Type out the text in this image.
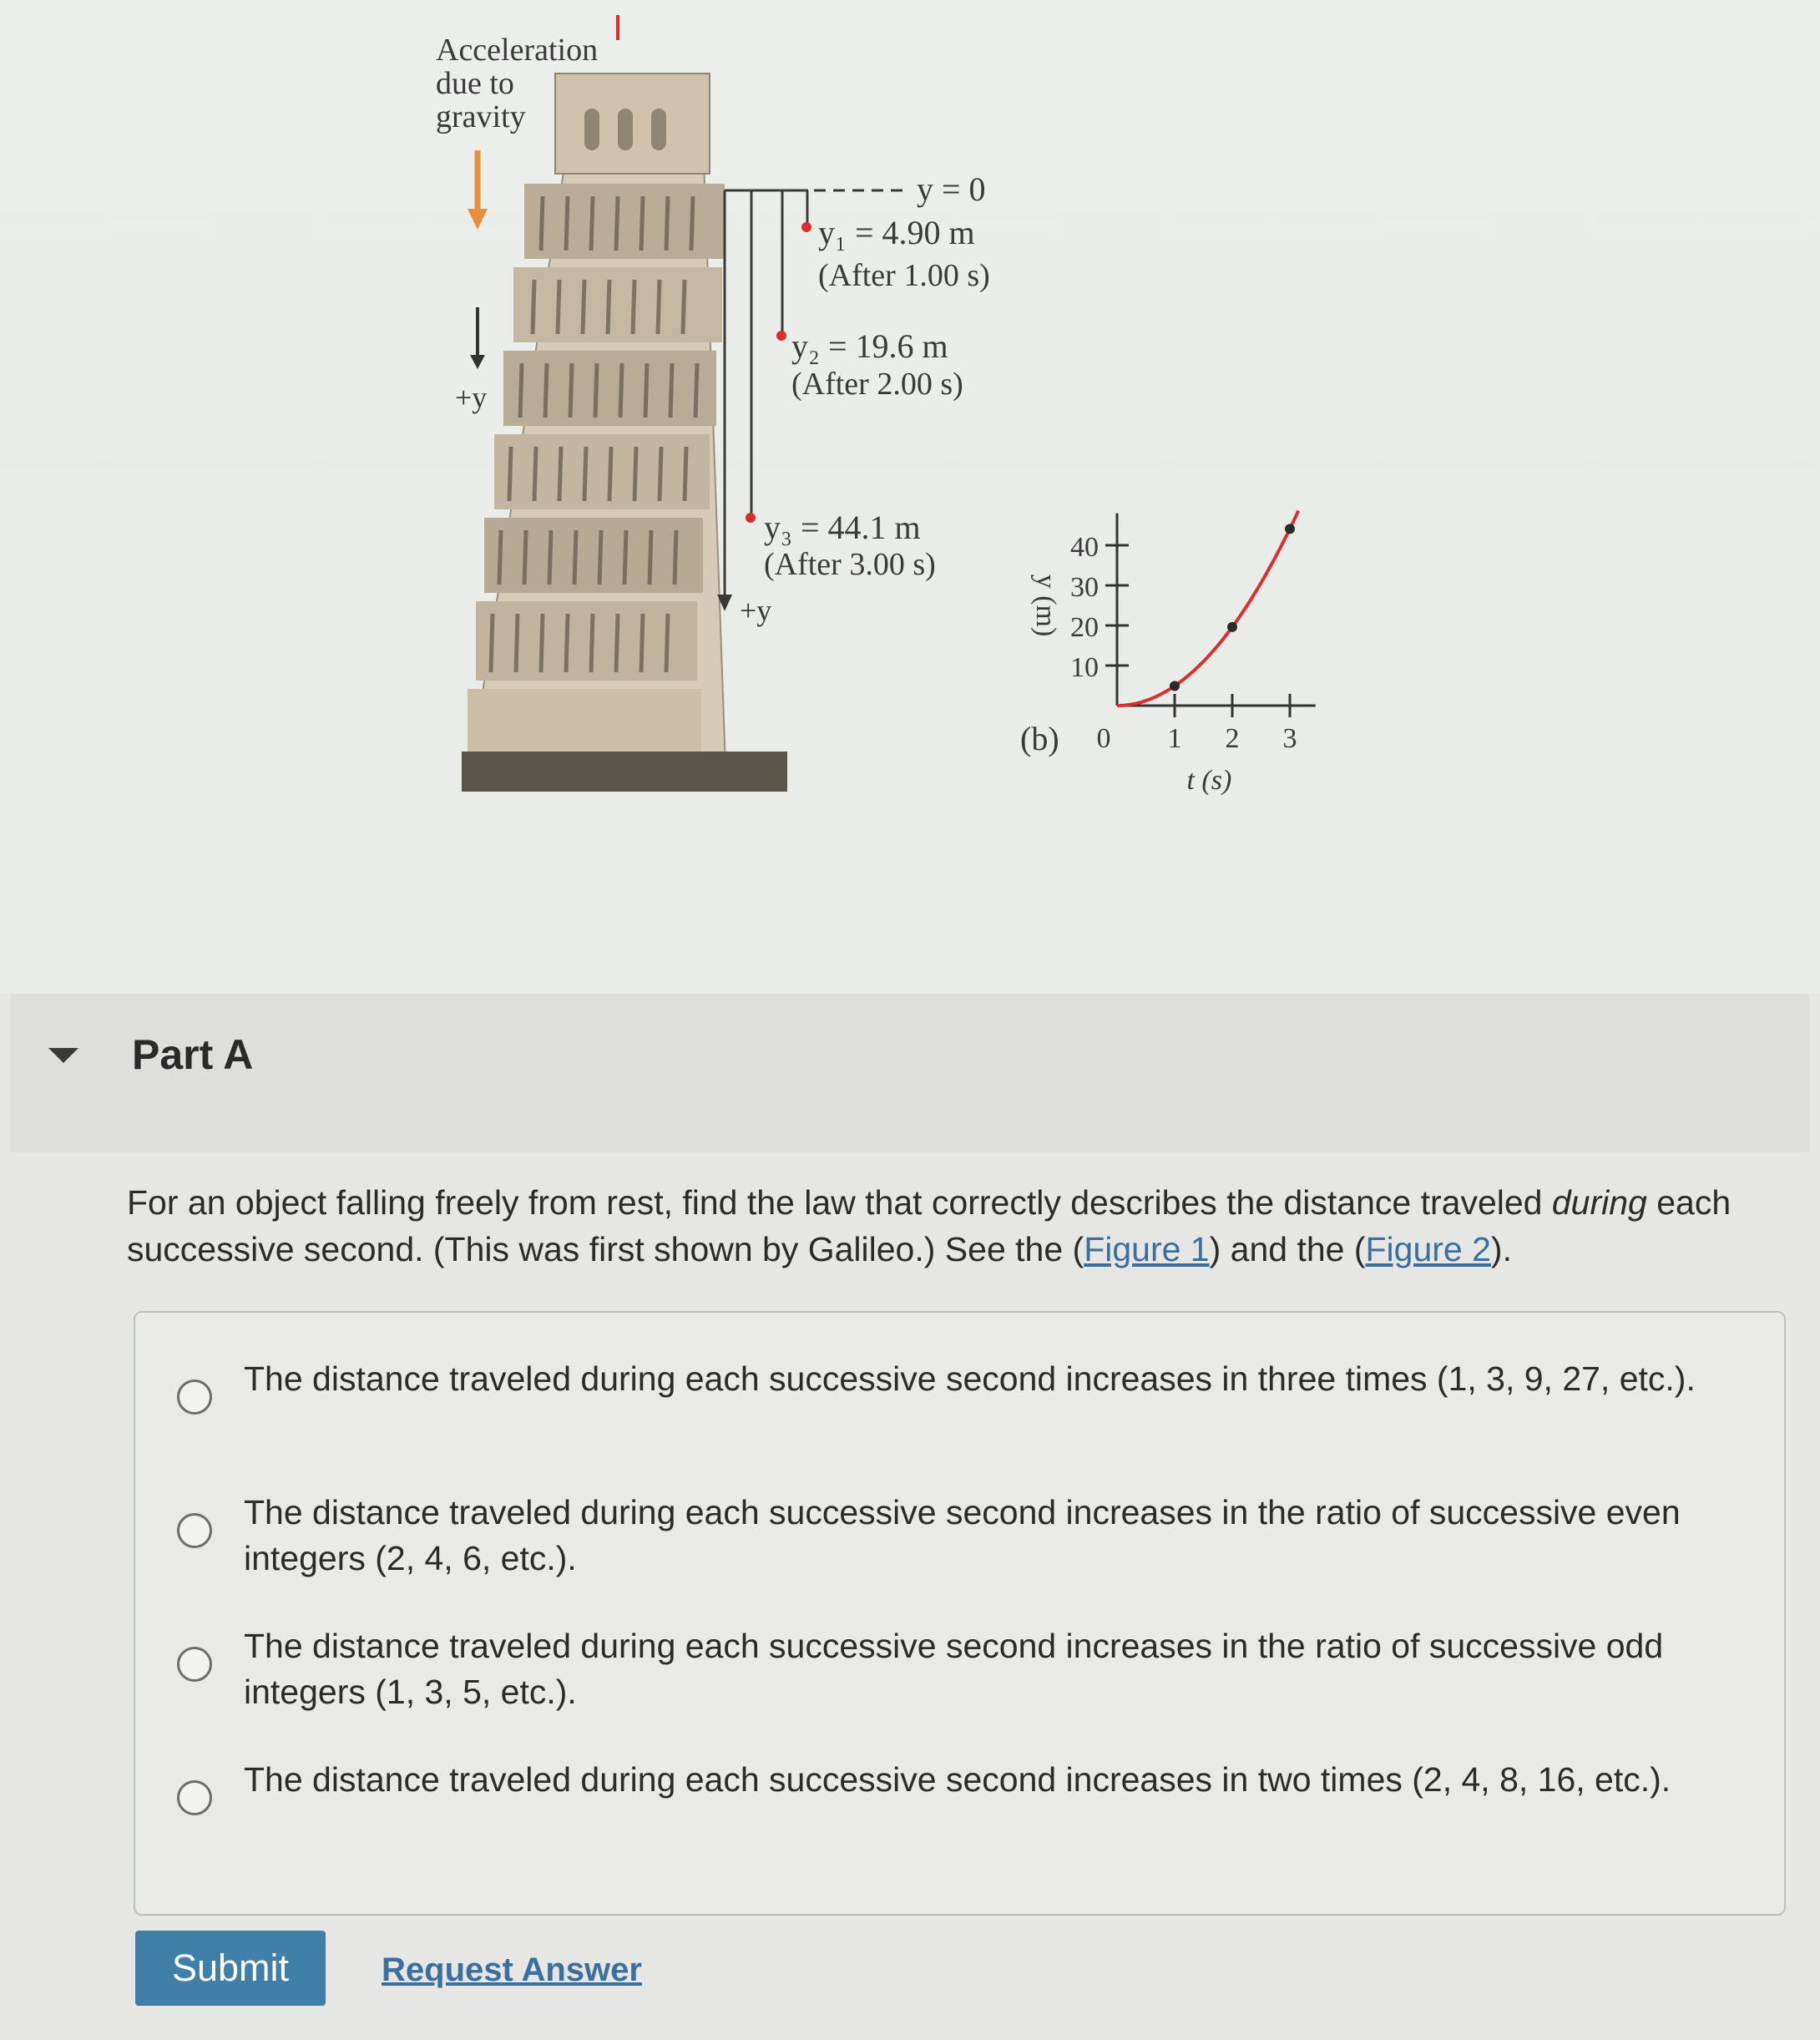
Acceleration
due to
gravity
+y
y = 0
y₁ = 4.90 m
(After 1.00 s)
y₂ = 19.6 m
(After 2.00 s)
y₃ = 44.1 m
(After 3.00 s)
+y
10
20
30
40
0 1 2 3
t (s)
y (m)
(b)
Part A
For an object falling freely from rest, find the law that correctly describes the distance traveled during each successive second. (This was first shown by Galileo.) See the (Figure 1) and the (Figure 2).
The distance traveled during each successive second increases in three times (1, 3, 9, 27, etc.).
The distance traveled during each successive second increases in the ratio of successive even integers (2, 4, 6, etc.).
The distance traveled during each successive second increases in the ratio of successive odd integers (1, 3, 5, etc.).
The distance traveled during each successive second increases in two times (2, 4, 8, 16, etc.).
Submit	Request Answer
